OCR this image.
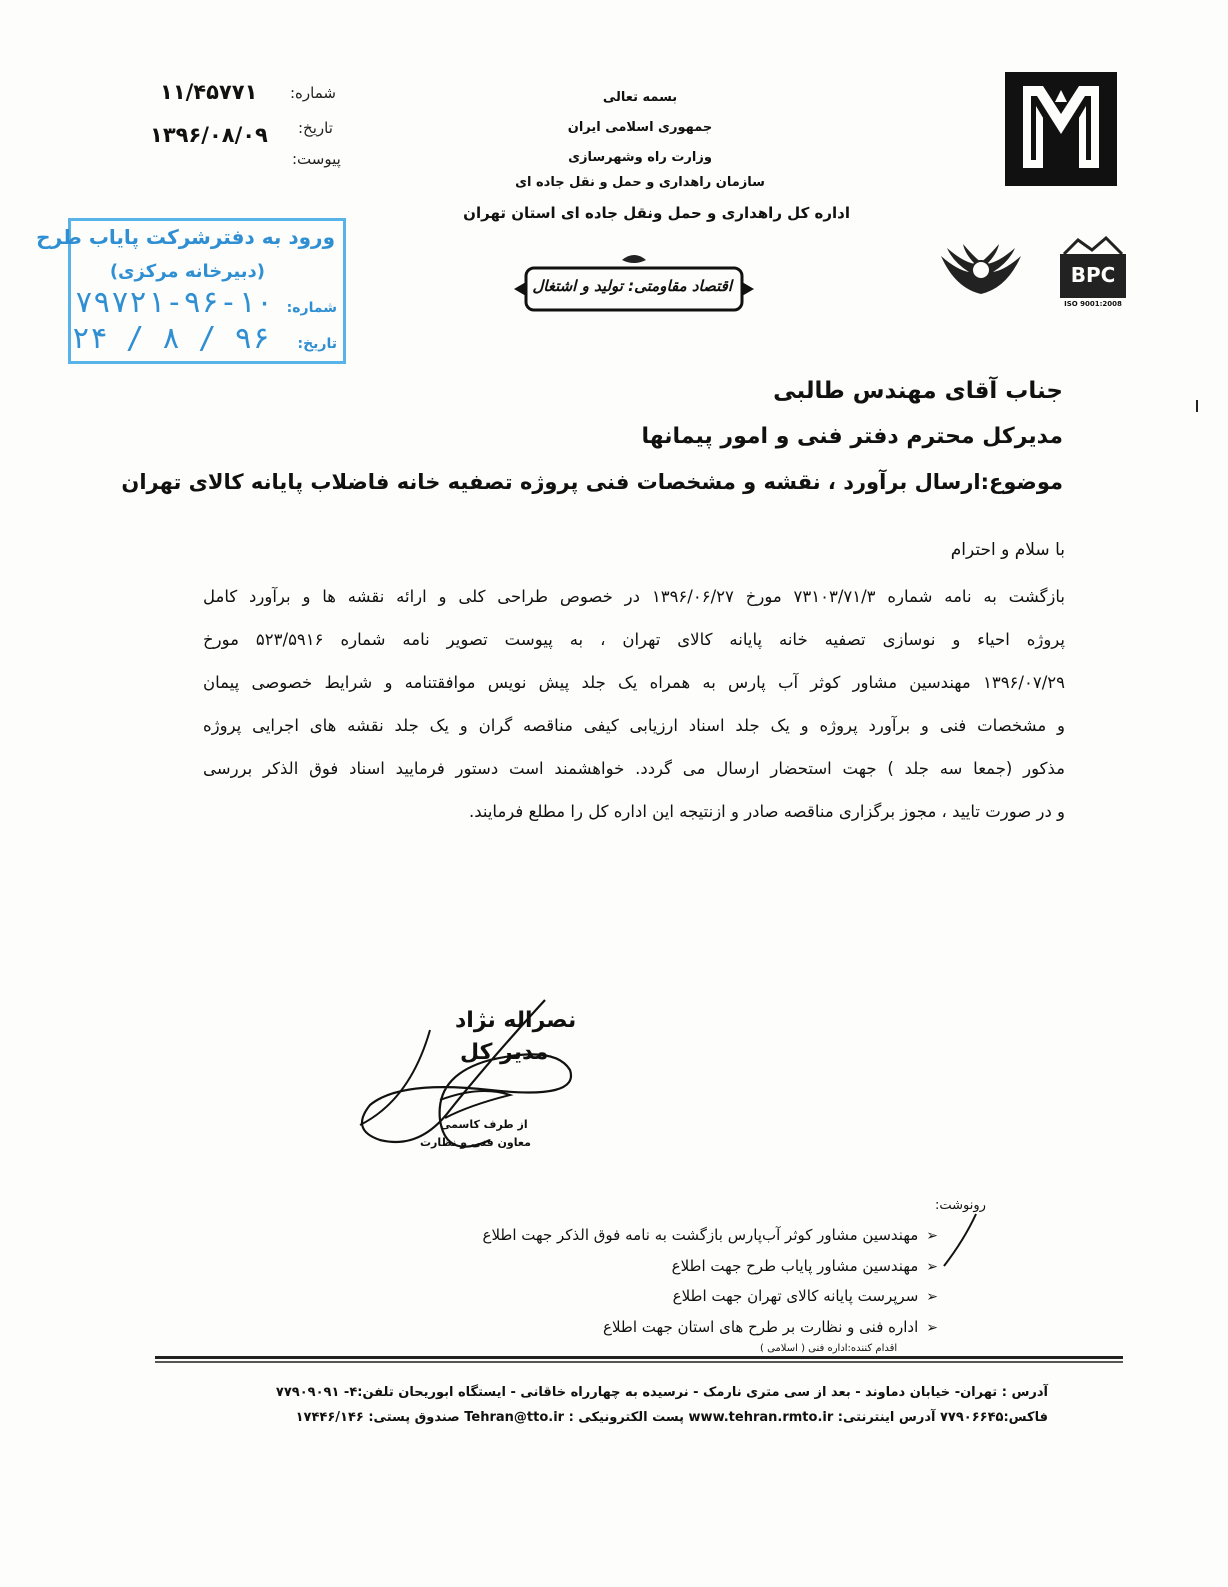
۱۱/۴۵۷۷۱ شماره:
۱۳۹۶/۰۸/۰۹ تاریخ:
پیوست:
بسمه تعالی
جمهوری اسلامی ایران
وزارت راه وشهرسازی
سازمان راهداری و حمل و نقل جاده ای
اداره کل راهداری و حمل ونقل جاده ای استان تهران
اقتصاد مقاومتی: تولید و اشتغال	BPC
ISO 9001:2008
ورود به دفترشرکت پایاب طرح
(دبیرخانه مرکزی)
شماره: ۱۰-۹۶-۷۹۷۲۱
تاریخ: ۹۶ / ۸ / ۲۴
جناب آقای مهندس طالبی
مدیرکل محترم دفتر فنی و امور پیمانها
موضوع:ارسال برآورد ، نقشه و مشخصات فنی پروژه تصفیه خانه فاضلاب پایانه کالای تهران
با سلام و احترام
بازگشت به نامه شماره ۷۳۱۰۳/۷۱/۳ مورخ ۱۳۹۶/۰۶/۲۷ در خصوص طراحی کلی و ارائه نقشه ها و برآورد کامل
پروژه احیاء و نوسازی تصفیه خانه پایانه کالای تهران ، به پیوست تصویر نامه شماره ۵۲۳/۵۹۱۶ مورخ
۱۳۹۶/۰۷/۲۹ مهندسین مشاور کوثر آب پارس به همراه یک جلد پیش نویس موافقتنامه و شرایط خصوصی پیمان
و مشخصات فنی و برآورد پروژه و یک جلد اسناد ارزیابی کیفی مناقصه گران و یک جلد نقشه های اجرایی پروژه
مذکور (جمعا سه جلد ) جهت استحضار ارسال می گردد. خواهشمند است دستور فرمایید اسناد فوق الذکر بررسی
و در صورت تایید ، مجوز برگزاری مناقصه صادر و ازنتیجه این اداره کل را مطلع فرمایند.
نصراله نژاد
مدیر کل
از طرف کاسمی
معاون فنی و نظارت
رونوشت:
➢مهندسین مشاور کوثر آب‌پارس بازگشت به نامه فوق الذکر جهت اطلاع
➢مهندسین مشاور پایاب طرح جهت اطلاع
➢سرپرست پایانه کالای تهران جهت اطلاع
➢اداره فنی و نظارت بر طرح های استان جهت اطلاع
اقدام کننده:اداره فنی ( اسلامی )
آدرس : تهران- خیابان دماوند - بعد از سی متری نارمک - نرسیده به چهارراه خاقانی - ایستگاه ابوریحان تلفن:۴- ۷۷۹۰۹۰۹۱
فاکس:۷۷۹۰۶۶۴۵ آدرس اینترنتی: www.tehran.rmto.ir پست الکترونیکی : Tehran@tto.ir صندوق پستی: ۱۷۴۴۶/۱۴۶
